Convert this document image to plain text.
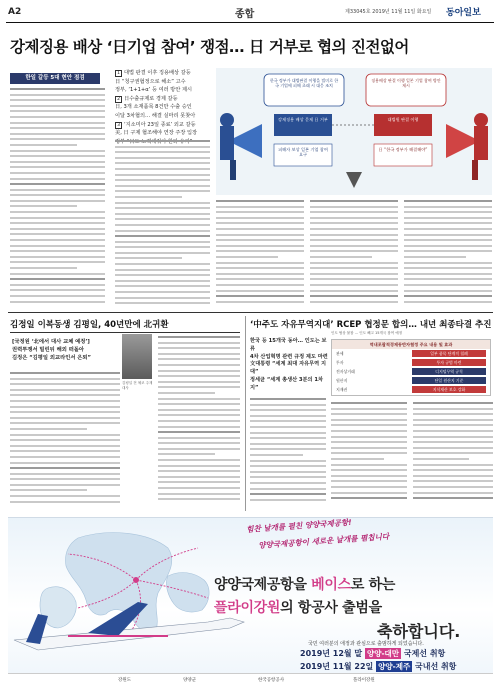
A2	종합	제33045호 2019년 11월 11일 화요일 동아일보
강제징용 배상 ‘日기업 참여’ 쟁점… 日 거부로 협의 진전없어
한일 갈등 5대 현안 점검

1 대법 판결 이후 징용배상 갈등

日 “청구권협정으로 해소” 고수

정부, ‘1+1+α’ 등 여러 방안 제시

2 日수출규제로 경제 갈등

日, 3개 소재품목 8건만 수출 승인

이달 3차협의… 해결 실마리 못찾아

3 ‘지소미아 23일 종료’ 외교 갈등

美, 日 구제 협조해야 연장 주장 입장

한국 정부가 대법판결 이행을 빌미로 한국 기업에 피해 초래 시 대응 조치
징용배상 판결 이행 일본 기업 참여 방안 제시
강제징용 배상 문제 日 거부	대법원 판결 이행
피해자 보상 일본 기업 참여 요구
日 “한국 정부가 해결해야”
김정일 이복동생 김평일, 40년만에 北귀환
[국정원 ‘北에서 대사 교체 예정’]
권력투쟁서 밀린뒤 해외 떠돌아
김정은 “김평일 외교라인서 은퇴”
김평일 전 체코 주재 대사
‘中주도 자유무역지대’ RCEP 협정문 합의… 내년 최종타결 추진
인도 협상 불참 … 인도 빼고 15개국 참여 예정
한국 등 15개국 동아… 인도는 보류
4차 산업혁명 관련 규정 제도 마련
文대통령 “세계 최대 자유무역 지대”
정세균 “세계 총생산 3분의 1차지”
역내포괄적경제동반자협정 주요 내용 및 효과
관세	일부 품목 단계적 철폐
투자	투자 규범 마련
전자상거래	디지털무역 규칙
원산지	단일 원산지 기준
지재권	지식재산 보호 강화
힘찬 날개를 펼친 양양국제공항!
양양국제공항이 새로운 날개를 펼칩니다
양양국제공항을 베이스로 하는
플라이강원의 항공사 출범을
축하합니다.
국민 여러분의 애정과 관심으로 출범하게 되었습니다.
2019년 12월 말 양양-대만 국제선 취항
2019년 11월 22일 양양-제주 국내선 취항
강원도	양양군	한국공항공사	플라이강원
